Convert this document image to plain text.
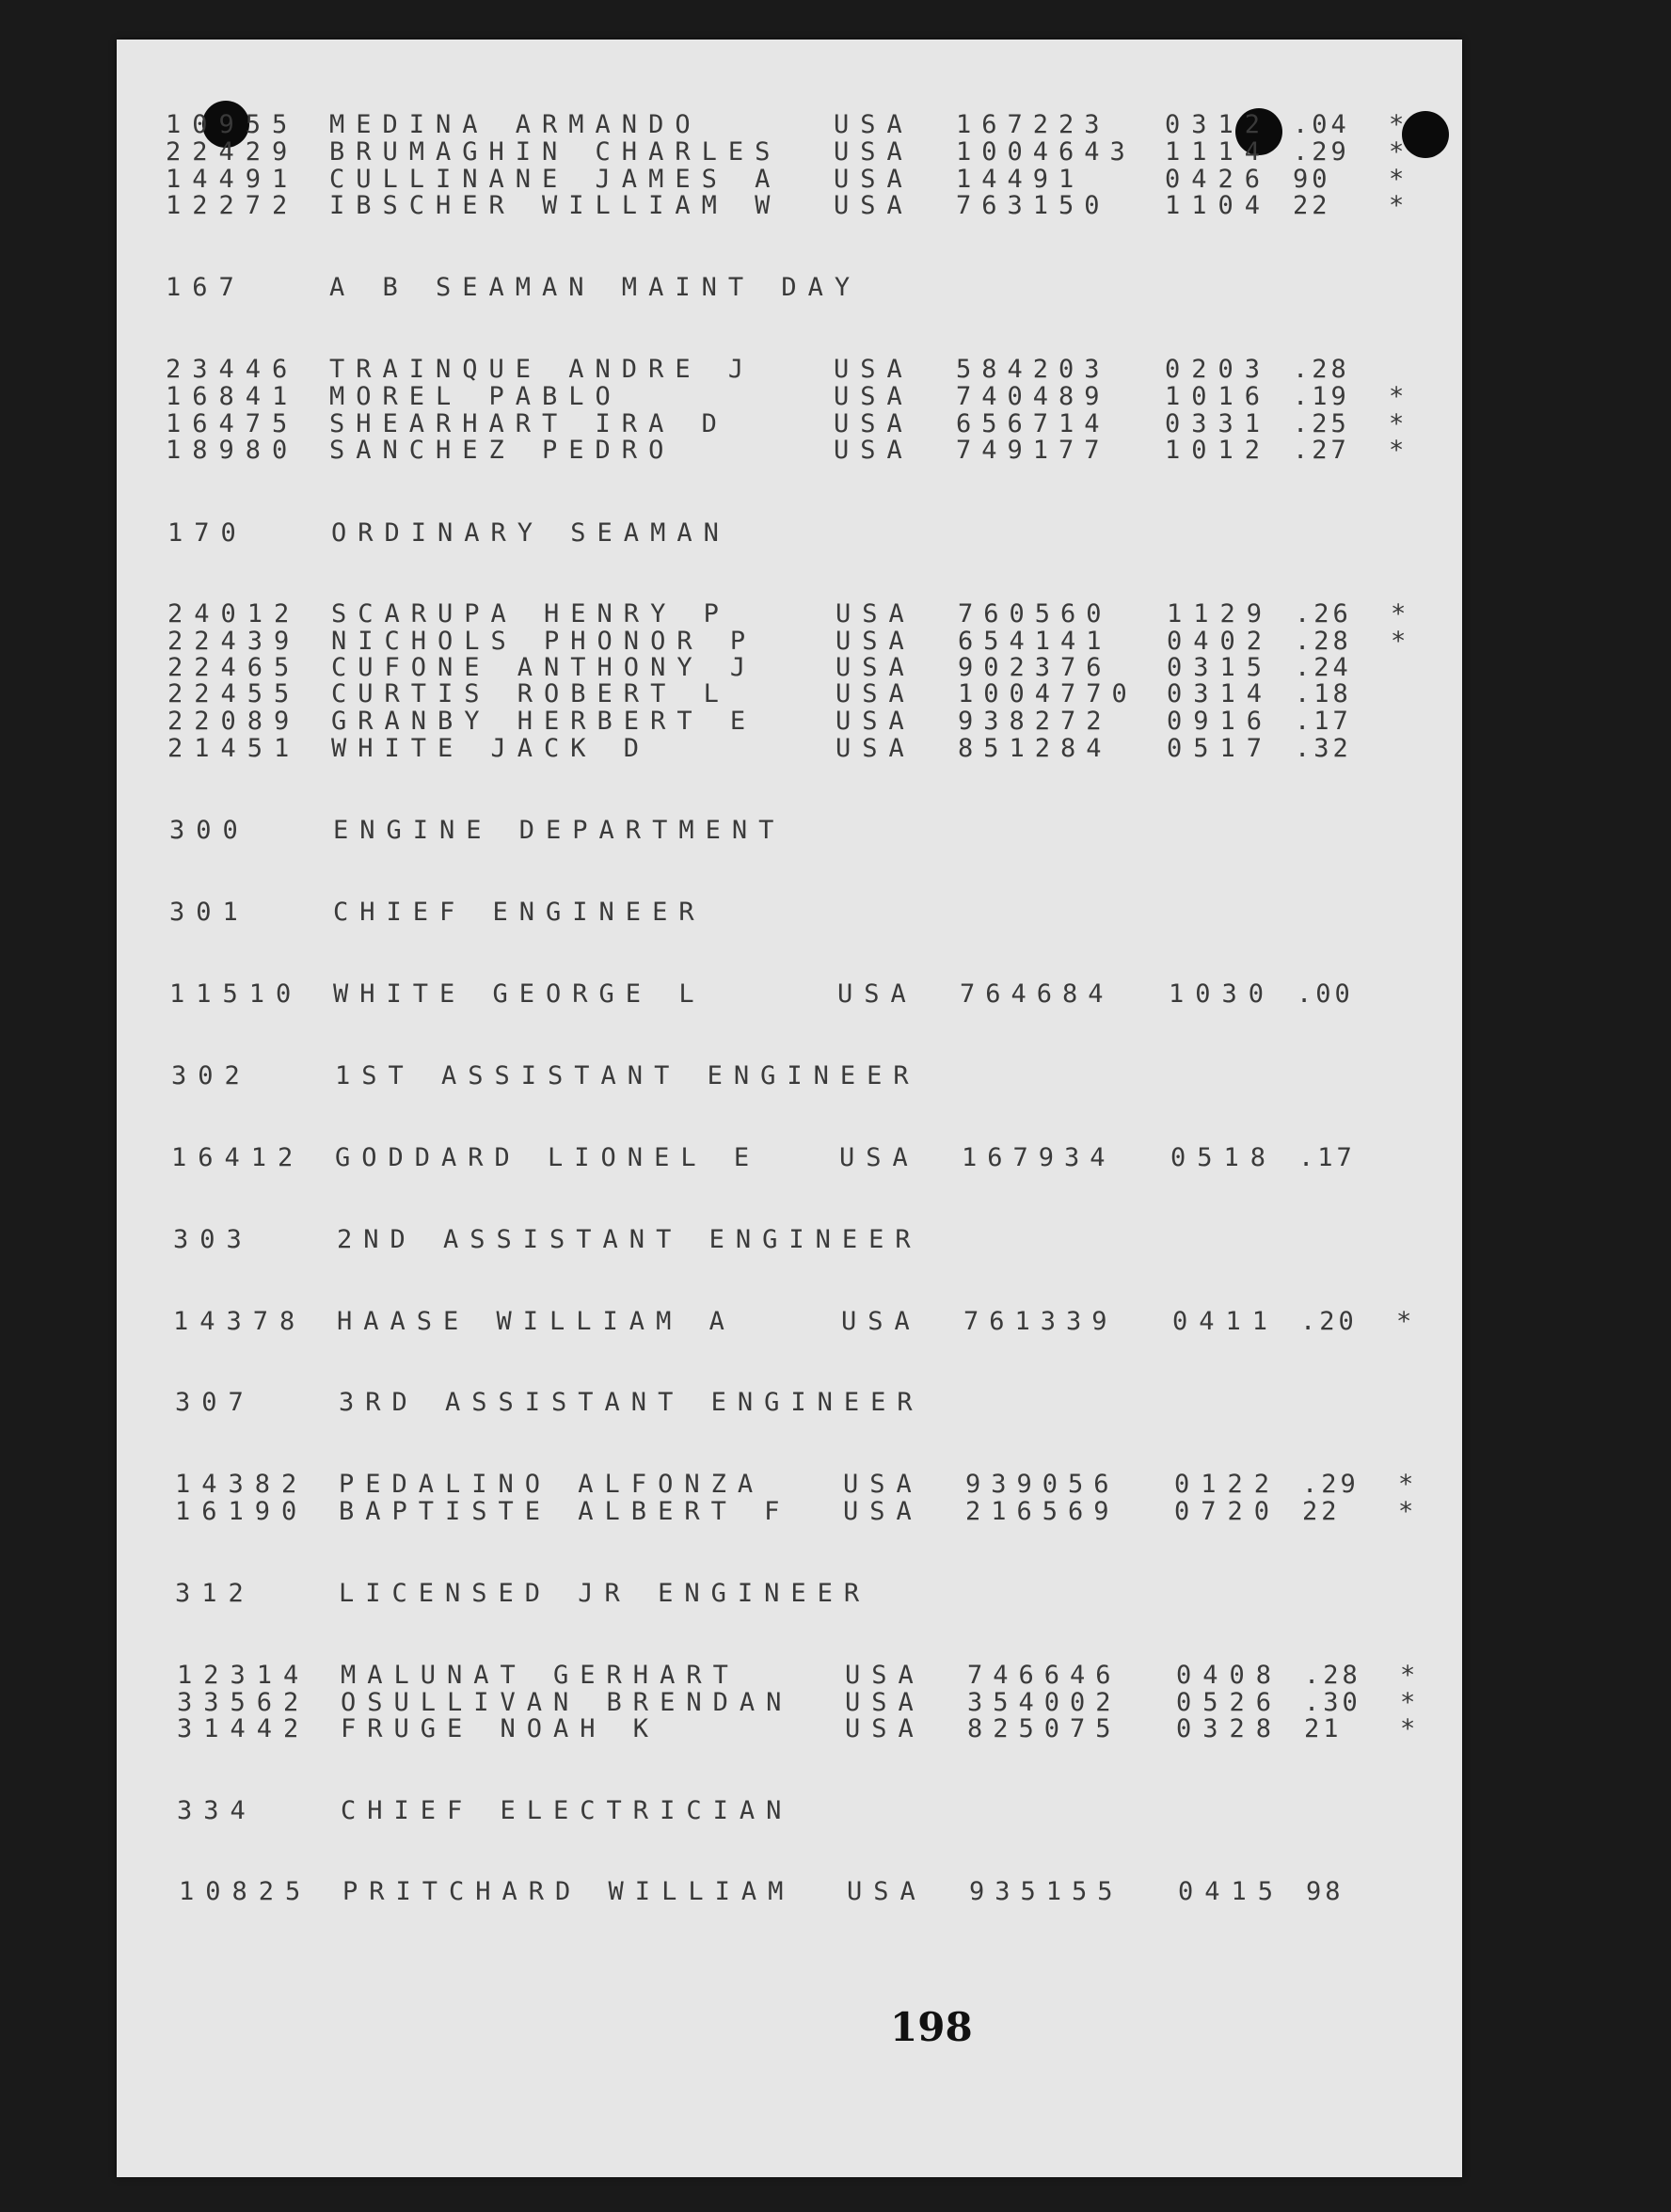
10955 MEDINA ARMANDO	USA 167223 0312 .04 *
22429 BRUMAGHIN CHARLES USA 1004643 1114 .29 *
14491 CULLINANE JAMES A USA 14491	0426 90 *
12272 IBSCHER WILLIAM W USA 763150 1104 22 *
167	A B SEAMAN MAINT DAY
23446 TRAINQUE ANDRE J	USA 584203 0203 .28
16841 MOREL PABLO	USA 740489 1016 .19 *
16475 SHEARHART IRA D	USA 656714 0331 .25 *
18980 SANCHEZ PEDRO	USA 749177 1012 .27 *
170	ORDINARY SEAMAN
24012 SCARUPA HENRY P	USA 760560 1129 .26 *
22439 NICHOLS PHONOR P	USA 654141 0402 .28 *
22465 CUFONE ANTHONY J	USA 902376 0315 .24
22455 CURTIS ROBERT L	USA 1004770 0314 .18
22089 GRANBY HERBERT E	USA 938272 0916 .17
21451 WHITE JACK D	USA 851284 0517 .32
300	ENGINE DEPARTMENT
301	CHIEF ENGINEER
11510 WHITE GEORGE L	USA 764684 1030 .00
302	1ST ASSISTANT ENGINEER
16412 GODDARD LIONEL E	USA 167934 0518 .17
303	2ND ASSISTANT ENGINEER
14378 HAASE WILLIAM A	USA 761339 0411 .20 *
307	3RD ASSISTANT ENGINEER
14382 PEDALINO ALFONZA	USA 939056 0122 .29 *
16190 BAPTISTE ALBERT F USA 216569 0720 22 *
312	LICENSED JR ENGINEER
12314 MALUNAT GERHART	USA 746646 0408 .28 *
33562 OSULLIVAN BRENDAN USA 354002 0526 .30 *
31442 FRUGE NOAH K	USA 825075 0328 21 *
334	CHIEF ELECTRICIAN
10825 PRITCHARD WILLIAM USA 935155 0415 98
198
